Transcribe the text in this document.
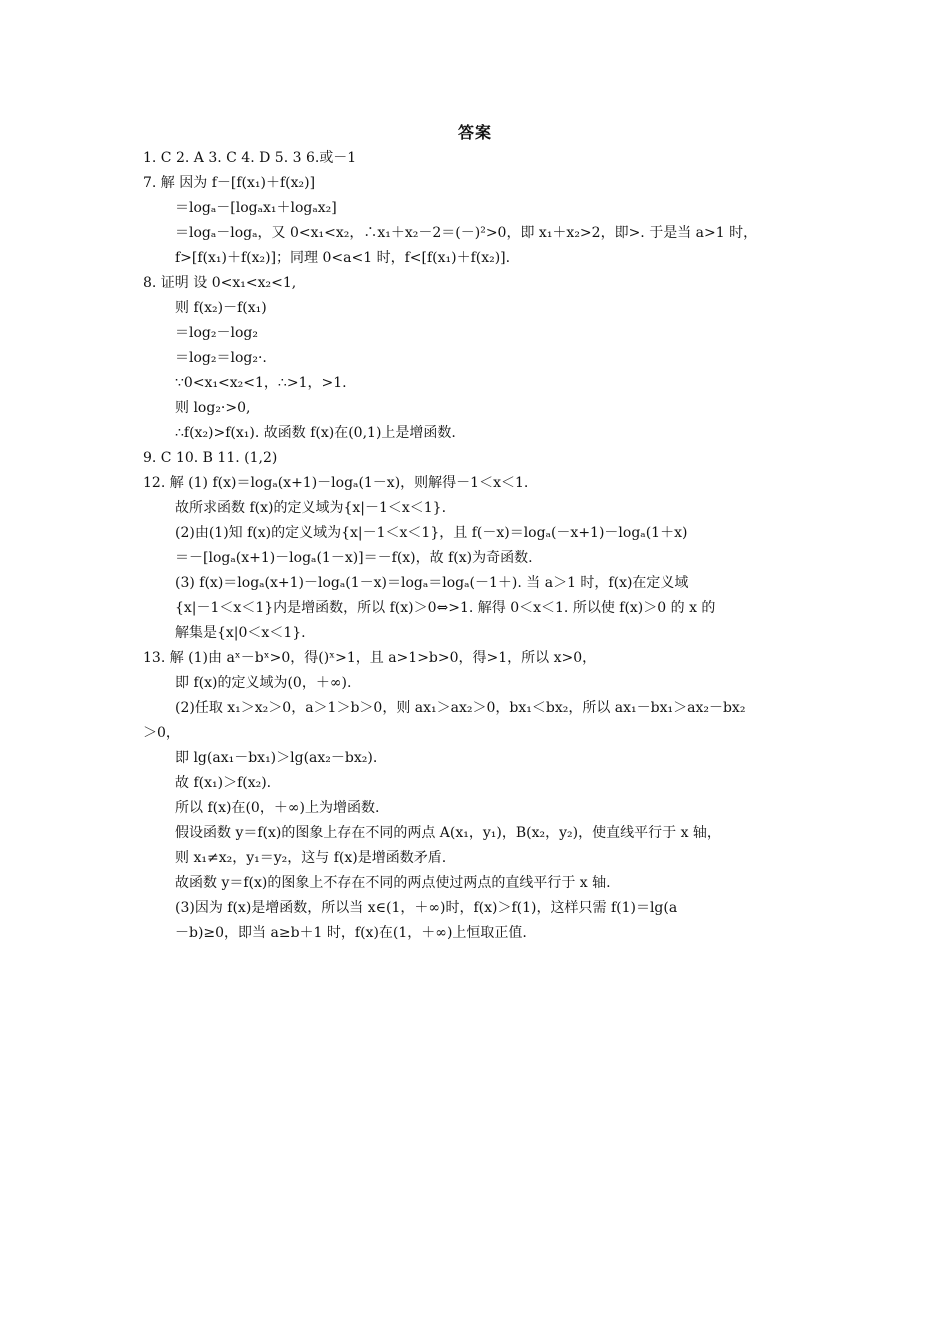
答案
1. C 2. A 3. C 4. D 5. 3 6.或－1
7. 解 因为 f－[f(x₁)＋f(x₂)]
＝logₐ－[logₐx₁＋logₐx₂]
＝logₐ－logₐ，又 0<x₁<x₂，∴x₁＋x₂－2＝(－)²>0，即 x₁＋x₂>2，即>. 于是当 a>1 时，
f>[f(x₁)＋f(x₂)]；同理 0<a<1 时，f<[f(x₁)＋f(x₂)].
8. 证明 设 0<x₁<x₂<1,
则 f(x₂)－f(x₁)
＝log₂－log₂
＝log₂＝log₂·.
∵0<x₁<x₂<1，∴>1，>1.
则 log₂·>0,
∴f(x₂)>f(x₁). 故函数 f(x)在(0,1)上是增函数.
9. C 10. B 11. (1,2)
12. 解 (1) f(x)＝logₐ(x+1)－logₐ(1－x)，则解得－1＜x＜1.
故所求函数 f(x)的定义域为{x|－1＜x＜1}.
(2)由(1)知 f(x)的定义域为{x|－1＜x＜1}，且 f(－x)＝logₐ(－x+1)－logₐ(1＋x)
＝－[logₐ(x+1)－logₐ(1－x)]＝－f(x)，故 f(x)为奇函数.
(3) f(x)＝logₐ(x+1)－logₐ(1－x)＝logₐ＝logₐ(－1＋). 当 a＞1 时，f(x)在定义域
{x|－1＜x＜1}内是增函数，所以 f(x)＞0⇔>1. 解得 0＜x＜1. 所以使 f(x)＞0 的 x 的
解集是{x|0＜x＜1}.
13. 解 (1)由 aˣ－bˣ>0，得()ˣ>1，且 a>1>b>0，得>1，所以 x>0，
即 f(x)的定义域为(0，＋∞).
(2)任取 x₁＞x₂＞0，a＞1＞b＞0，则 ax₁＞ax₂＞0，bx₁＜bx₂，所以 ax₁－bx₁＞ax₂－bx₂
＞0，
即 lg(ax₁－bx₁)＞lg(ax₂－bx₂).
故 f(x₁)＞f(x₂).
所以 f(x)在(0，＋∞)上为增函数.
假设函数 y＝f(x)的图象上存在不同的两点 A(x₁，y₁)，B(x₂，y₂)，使直线平行于 x 轴，
则 x₁≠x₂，y₁＝y₂，这与 f(x)是增函数矛盾.
故函数 y＝f(x)的图象上不存在不同的两点使过两点的直线平行于 x 轴.
(3)因为 f(x)是增函数，所以当 x∈(1，＋∞)时，f(x)＞f(1)，这样只需 f(1)＝lg(a
－b)≥0，即当 a≥b＋1 时，f(x)在(1，＋∞)上恒取正值.
